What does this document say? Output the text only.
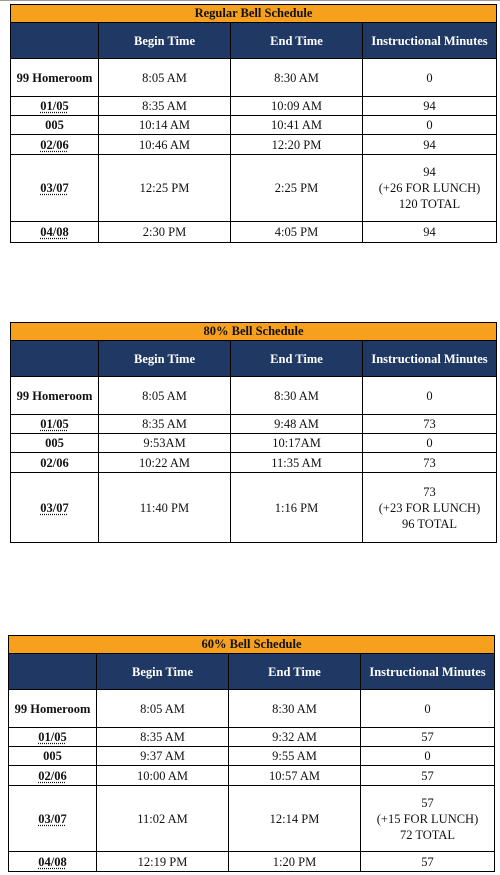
Regular Bell Schedule			
	Begin Time	End Time	Instructional Minutes
99 Homeroom	8:05 AM	8:30 AM	0

01/05	8:35 AM	10:09 AM	94

005	10:14 AM	10:41 AM	0

02/06	10:46 AM	12:20 PM	94

03/07	12:25 PM	2:25 PM	94
(+26 FOR LUNCH)
120 TOTAL

04/08	2:30 PM	4:05 PM	94
80% Bell Schedule			
	Begin Time	End Time	Instructional Minutes
99 Homeroom	8:05 AM	8:30 AM	0

01/05	8:35 AM	9:48 AM	73

005	9:53AM	10:17AM	0

02/06	10:22 AM	11:35 AM	73

03/07	11:40 PM	1:16 PM	73
(+23 FOR LUNCH)
96 TOTAL
60% Bell Schedule			
	Begin Time	End Time	Instructional Minutes
99 Homeroom	8:05 AM	8:30 AM	0

01/05	8:35 AM	9:32 AM	57

005	9:37 AM	9:55 AM	0

02/06	10:00 AM	10:57 AM	57

03/07	11:02 AM	12:14 PM	57
(+15 FOR LUNCH)
72 TOTAL

04/08	12:19 PM	1:20 PM	57
